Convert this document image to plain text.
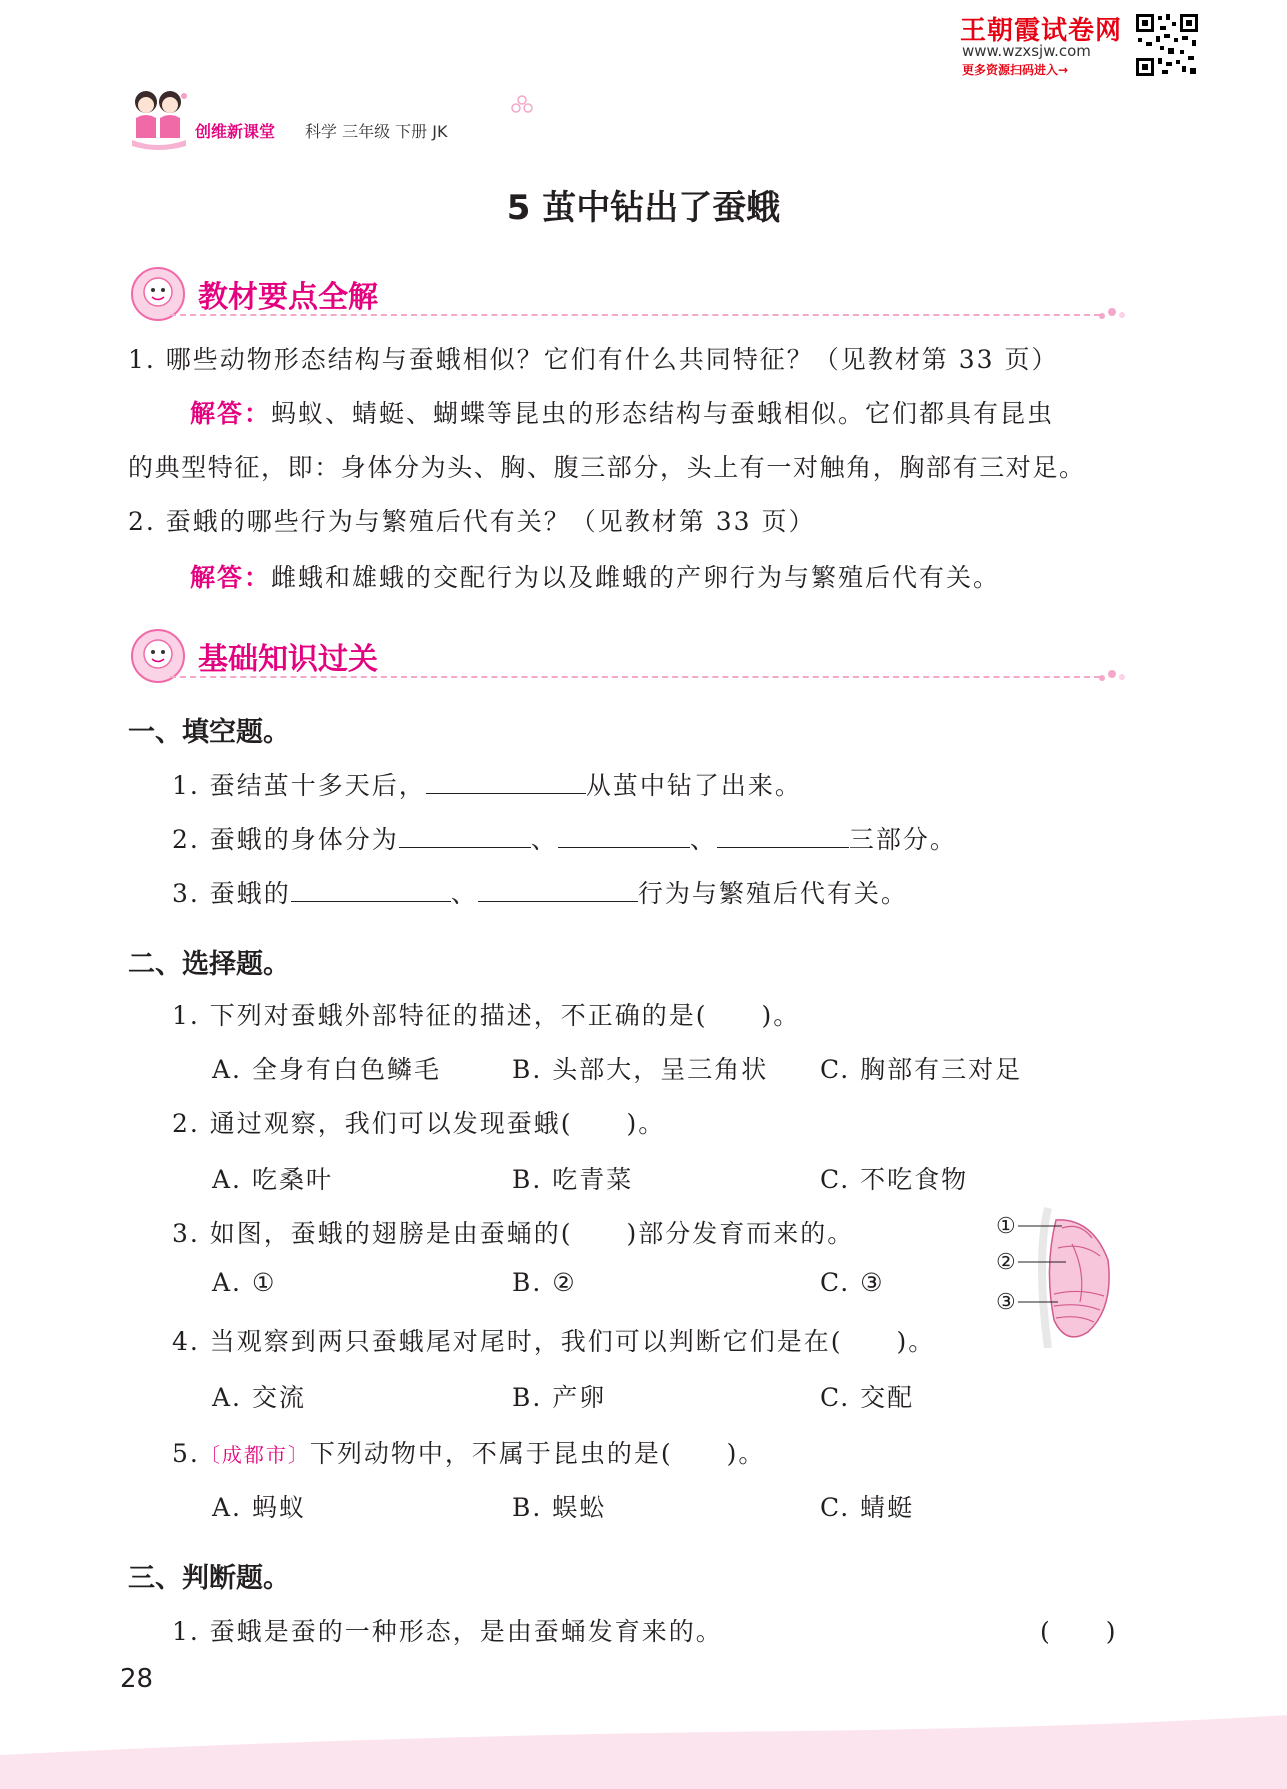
王朝霞试卷网
www.wzxsjw.com
更多资源扫码进入→
创维新课堂 科学 三年级 下册 JK
5 茧中钻出了蚕蛾
教材要点全解
1. 哪些动物形态结构与蚕蛾相似？它们有什么共同特征？（见教材第 33 页）
解答：蚂蚁、蜻蜓、蝴蝶等昆虫的形态结构与蚕蛾相似。它们都具有昆虫
的典型特征，即：身体分为头、胸、腹三部分，头上有一对触角，胸部有三对足。
2. 蚕蛾的哪些行为与繁殖后代有关？（见教材第 33 页）
解答：雌蛾和雄蛾的交配行为以及雌蛾的产卵行为与繁殖后代有关。
基础知识过关
一、填空题。
1. 蚕结茧十多天后，	从茧中钻了出来。
2. 蚕蛾的身体分为	、	、	三部分。
3. 蚕蛾的	、	行为与繁殖后代有关。
二、选择题。
1. 下列对蚕蛾外部特征的描述，不正确的是(　　)。
A. 全身有白色鳞毛	B. 头部大，呈三角状 C. 胸部有三对足
2. 通过观察，我们可以发现蚕蛾(　　)。
A. 吃桑叶	B. 吃青菜	C. 不吃食物
3. 如图，蚕蛾的翅膀是由蚕蛹的(　　)部分发育而来的。
A. ①	B. ②	C. ③
①
②
③
4. 当观察到两只蚕蛾尾对尾时，我们可以判断它们是在(　　)。
A. 交流	B. 产卵	C. 交配
5.〔成都市〕下列动物中，不属于昆虫的是(　　)。
A. 蚂蚁	B. 蜈蚣	C. 蜻蜓
三、判断题。
1. 蚕蛾是蚕的一种形态，是由蚕蛹发育来的。	(　　)
28
